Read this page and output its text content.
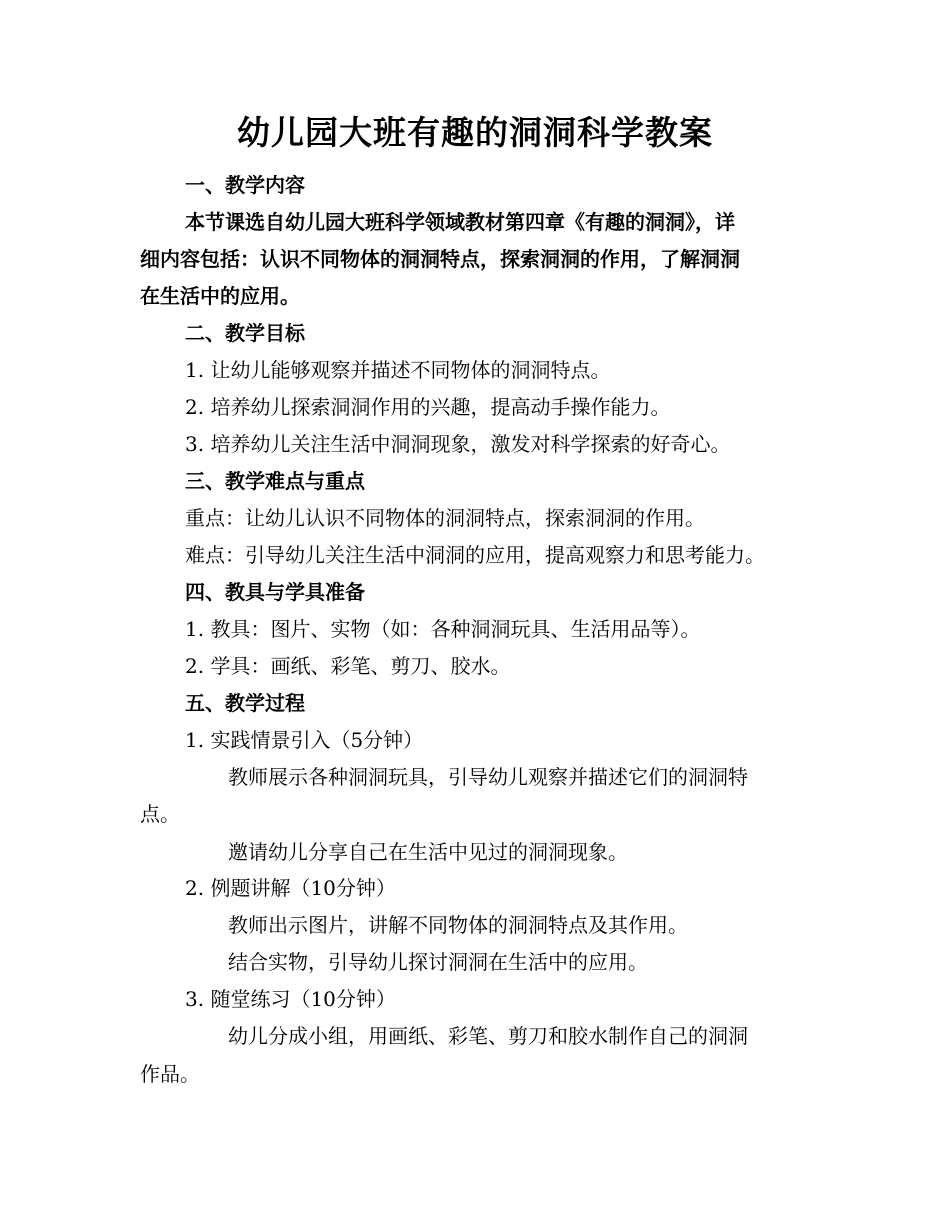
幼儿园大班有趣的洞洞科学教案
一、教学内容
本节课选自幼儿园大班科学领域教材第四章《有趣的洞洞》，详
细内容包括：认识不同物体的洞洞特点，探索洞洞的作用，了解洞洞
在生活中的应用。
二、教学目标
1. 让幼儿能够观察并描述不同物体的洞洞特点。
2. 培养幼儿探索洞洞作用的兴趣，提高动手操作能力。
3. 培养幼儿关注生活中洞洞现象，激发对科学探索的好奇心。
三、教学难点与重点
重点：让幼儿认识不同物体的洞洞特点，探索洞洞的作用。
难点：引导幼儿关注生活中洞洞的应用，提高观察力和思考能力。
四、教具与学具准备
1. 教具：图片、实物（如：各种洞洞玩具、生活用品等）。
2. 学具：画纸、彩笔、剪刀、胶水。
五、教学过程
1. 实践情景引入（5分钟）
教师展示各种洞洞玩具，引导幼儿观察并描述它们的洞洞特
点。
邀请幼儿分享自己在生活中见过的洞洞现象。
2. 例题讲解（10分钟）
教师出示图片，讲解不同物体的洞洞特点及其作用。
结合实物，引导幼儿探讨洞洞在生活中的应用。
3. 随堂练习（10分钟）
幼儿分成小组，用画纸、彩笔、剪刀和胶水制作自己的洞洞
作品。
